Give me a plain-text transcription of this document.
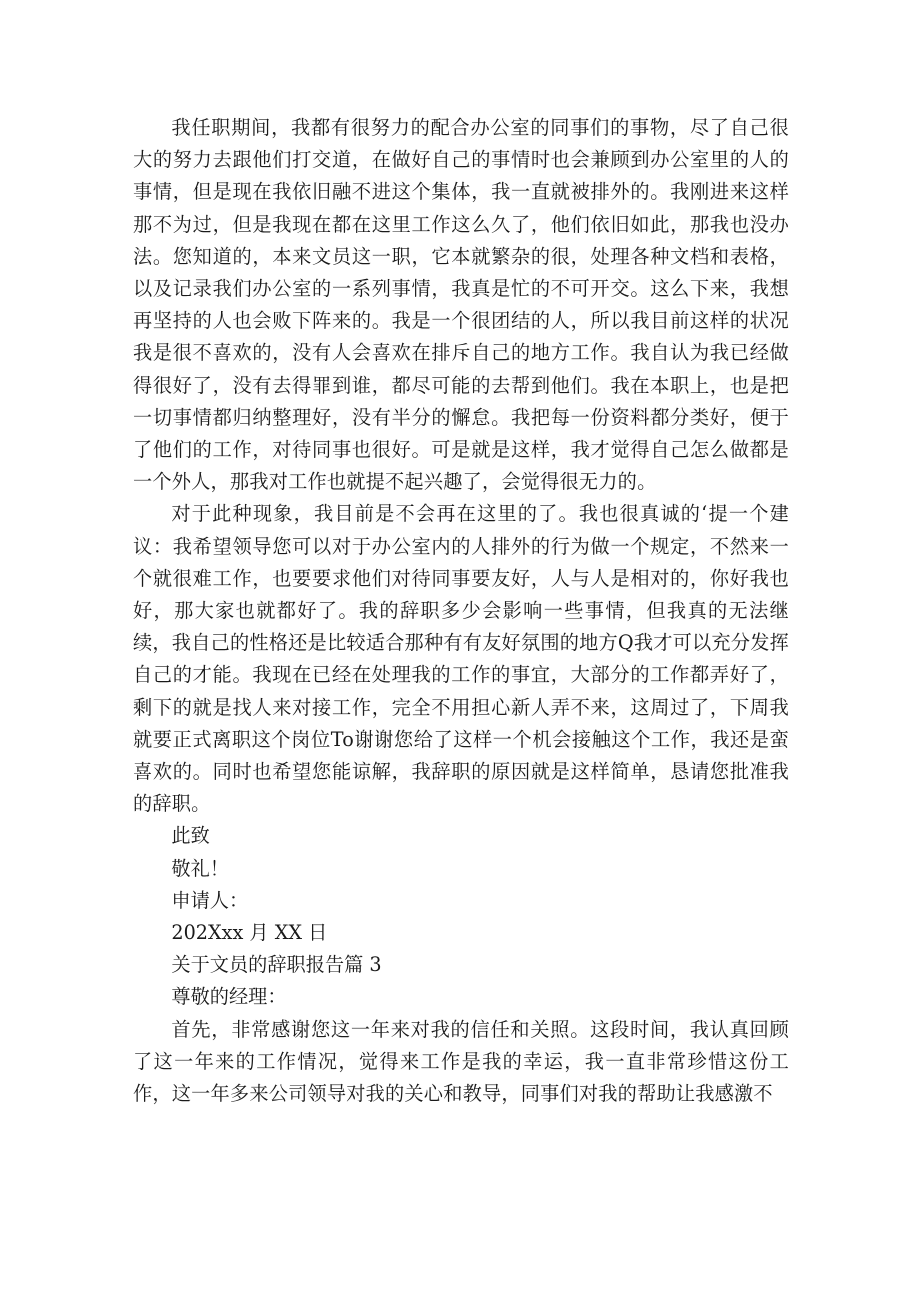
我任职期间，我都有很努力的配合办公室的同事们的事物，尽了自己很大的努力去跟他们打交道，在做好自己的事情时也会兼顾到办公室里的人的事情，但是现在我依旧融不进这个集体，我一直就被排外的。我刚进来这样那不为过，但是我现在都在这里工作这么久了，他们依旧如此，那我也没办法。您知道的，本来文员这一职，它本就繁杂的很，处理各种文档和表格，以及记录我们办公室的一系列事情，我真是忙的不可开交。这么下来，我想再坚持的人也会败下阵来的。我是一个很团结的人，所以我目前这样的状况我是很不喜欢的，没有人会喜欢在排斥自己的地方工作。我自认为我已经做得很好了，没有去得罪到谁，都尽可能的去帮到他们。我在本职上，也是把一切事情都归纳整理好，没有半分的懈怠。我把每一份资料都分类好，便于了他们的工作，对待同事也很好。可是就是这样，我才觉得自己怎么做都是一个外人，那我对工作也就提不起兴趣了，会觉得很无力的。

对于此种现象，我目前是不会再在这里的了。我也很真诚的‘提一个建议：我希望领导您可以对于办公室内的人排外的行为做一个规定，不然来一个就很难工作，也要要求他们对待同事要友好，人与人是相对的，你好我也好，那大家也就都好了。我的辞职多少会影响一些事情，但我真的无法继续，我自己的性格还是比较适合那种有有友好氛围的地方Q我才可以充分发挥自己的才能。我现在已经在处理我的工作的事宜，大部分的工作都弄好了，剩下的就是找人来对接工作，完全不用担心新人弄不来，这周过了，下周我就要正式离职这个岗位To谢谢您给了这样一个机会接触这个工作，我还是蛮喜欢的。同时也希望您能谅解，我辞职的原因就是这样简单，恳请您批准我的辞职。

此致

敬礼！

申请人：

202Xxx 月 XX 日

关于文员的辞职报告篇 3

尊敬的经理：

首先，非常感谢您这一年来对我的信任和关照。这段时间，我认真回顾了这一年来的工作情况，觉得来工作是我的幸运，我一直非常珍惜这份工作，这一年多来公司领导对我的关心和教导，同事们对我的帮助让我感激不
